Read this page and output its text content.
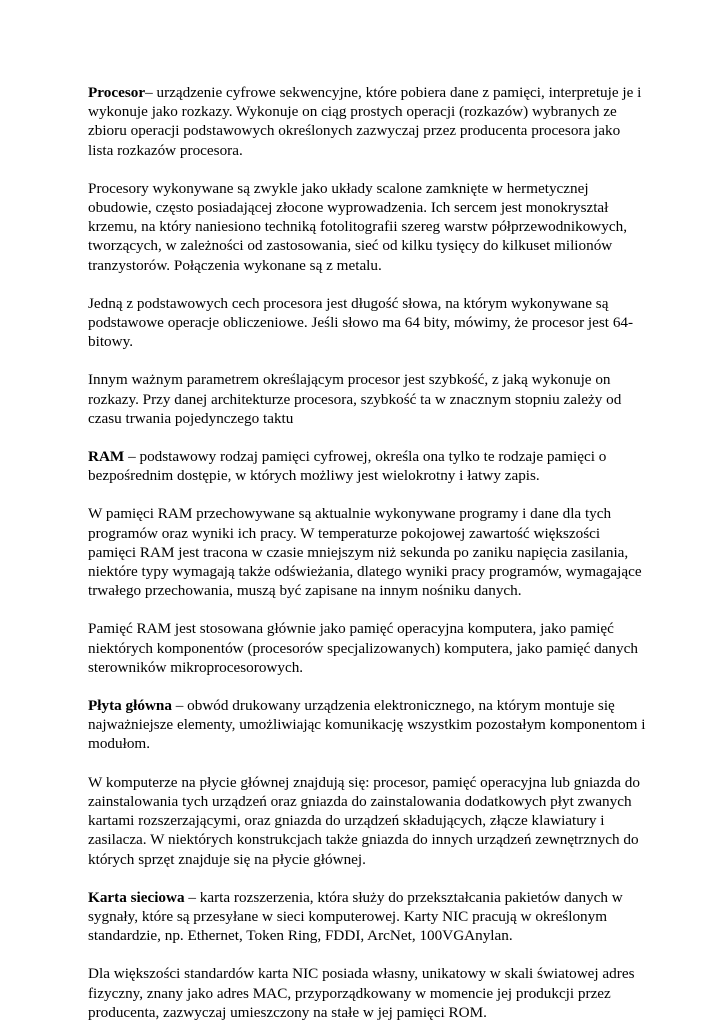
Procesor– urządzenie cyfrowe sekwencyjne, które pobiera dane z pamięci, interpretuje je i wykonuje jako rozkazy. Wykonuje on ciąg prostych operacji (rozkazów) wybranych ze zbioru operacji podstawowych określonych zazwyczaj przez producenta procesora jako lista rozkazów procesora.

Procesory wykonywane są zwykle jako układy scalone zamknięte w hermetycznej obudowie, często posiadającej złocone wyprowadzenia. Ich sercem jest monokryształ krzemu, na który naniesiono techniką fotolitografii szereg warstw półprzewodnikowych, tworzących, w zależności od zastosowania, sieć od kilku tysięcy do kilkuset milionów tranzystorów. Połączenia wykonane są z metalu.

Jedną z podstawowych cech procesora jest długość słowa, na którym wykonywane są podstawowe operacje obliczeniowe. Jeśli słowo ma 64 bity, mówimy, że procesor jest 64-bitowy.

Innym ważnym parametrem określającym procesor jest szybkość, z jaką wykonuje on rozkazy. Przy danej architekturze procesora, szybkość ta w znacznym stopniu zależy od czasu trwania pojedynczego taktu

RAM – podstawowy rodzaj pamięci cyfrowej, określa ona tylko te rodzaje pamięci o bezpośrednim dostępie, w których możliwy jest wielokrotny i łatwy zapis.

W pamięci RAM przechowywane są aktualnie wykonywane programy i dane dla tych programów oraz wyniki ich pracy. W temperaturze pokojowej zawartość większości pamięci RAM jest tracona w czasie mniejszym niż sekunda po zaniku napięcia zasilania, niektóre typy wymagają także odświeżania, dlatego wyniki pracy programów, wymagające trwałego przechowania, muszą być zapisane na innym nośniku danych.

Pamięć RAM jest stosowana głównie jako pamięć operacyjna komputera, jako pamięć niektórych komponentów (procesorów specjalizowanych) komputera, jako pamięć danych sterowników mikroprocesorowych.

Płyta główna – obwód drukowany urządzenia elektronicznego, na którym montuje się najważniejsze elementy, umożliwiając komunikację wszystkim pozostałym komponentom i modułom.

W komputerze na płycie głównej znajdują się: procesor, pamięć operacyjna lub gniazda do zainstalowania tych urządzeń oraz gniazda do zainstalowania dodatkowych płyt zwanych kartami rozszerzającymi, oraz gniazda do urządzeń składujących, złącze klawiatury i zasilacza. W niektórych konstrukcjach także gniazda do innych urządzeń zewnętrznych do których sprzęt znajduje się na płycie głównej.

Karta sieciowa – karta rozszerzenia, która służy do przekształcania pakietów danych w sygnały, które są przesyłane w sieci komputerowej. Karty NIC pracują w określonym standardzie, np. Ethernet, Token Ring, FDDI, ArcNet, 100VGAnylan.

Dla większości standardów karta NIC posiada własny, unikatowy w skali światowej adres fizyczny, znany jako adres MAC, przyporządkowany w momencie jej produkcji przez producenta, zazwyczaj umieszczony na stałe w jej pamięci ROM.
